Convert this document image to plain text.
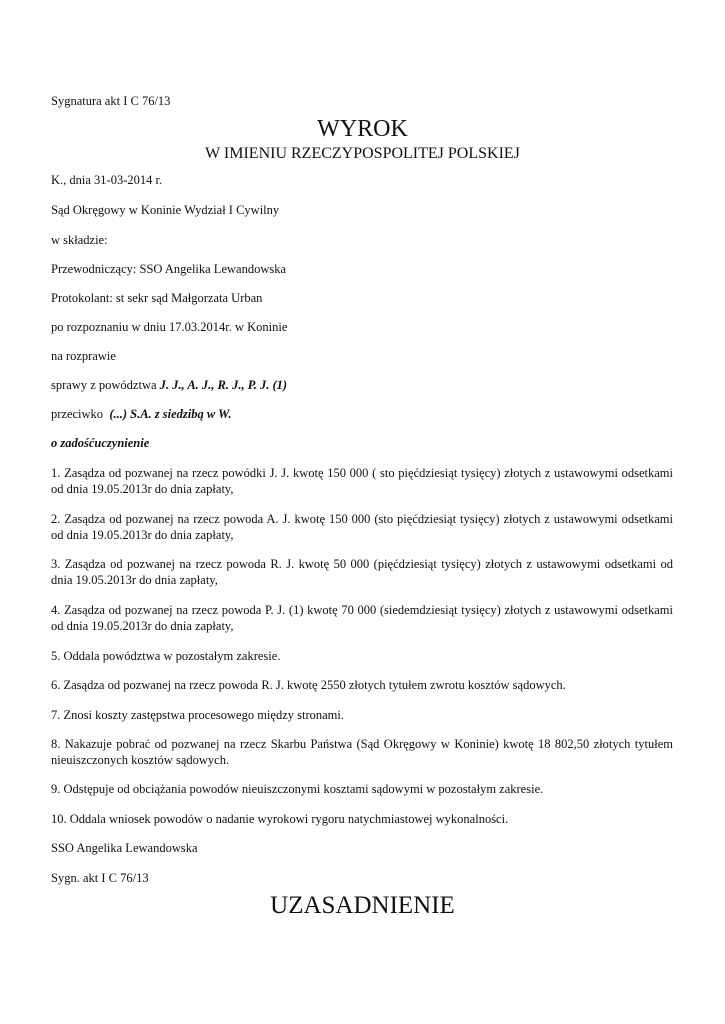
Sygnatura akt I C 76/13
WYROK
W IMIENIU RZECZYPOSPOLITEJ POLSKIEJ
K., dnia 31-03-2014 r.
Sąd Okręgowy w Koninie Wydział I Cywilny
w składzie:
Przewodniczący: SSO Angelika Lewandowska
Protokolant: st sekr sąd Małgorzata Urban
po rozpoznaniu w dniu 17.03.2014r. w Koninie
na rozprawie
sprawy z powództwa J. J., A. J., R. J., P. J. (1)
przeciwko  (...) S.A. z siedzibą w W.
o zadośćuczynienie
1. Zasądza od pozwanej na rzecz powódki J. J. kwotę 150 000 ( sto pięćdziesiąt tysięcy) złotych z ustawowymi odsetkami od dnia 19.05.2013r do dnia zapłaty,
2. Zasądza od pozwanej na rzecz powoda A. J. kwotę 150 000 (sto pięćdziesiąt tysięcy) złotych z ustawowymi odsetkami od dnia 19.05.2013r do dnia zapłaty,
3. Zasądza od pozwanej na rzecz powoda R. J. kwotę 50 000 (pięćdziesiąt tysięcy) złotych z ustawowymi odsetkami od dnia 19.05.2013r do dnia zapłaty,
4. Zasądza od pozwanej na rzecz powoda P. J. (1) kwotę 70 000 (siedemdziesiąt tysięcy) złotych z ustawowymi odsetkami od dnia 19.05.2013r do dnia zapłaty,
5. Oddala powództwa w pozostałym zakresie.
6. Zasądza od pozwanej na rzecz powoda R. J. kwotę 2550 złotych tytułem zwrotu kosztów sądowych.
7. Znosi koszty zastępstwa procesowego między stronami.
8. Nakazuje pobrać od pozwanej na rzecz Skarbu Państwa (Sąd Okręgowy w Koninie) kwotę 18 802,50 złotych tytułem nieuiszczonych kosztów sądowych.
9. Odstępuje od obciążania powodów nieuiszczonymi kosztami sądowymi w pozostałym zakresie.
10. Oddala wniosek powodów o nadanie wyrokowi rygoru natychmiastowej wykonalności.
SSO Angelika Lewandowska
Sygn. akt I C 76/13
UZASADNIENIE
